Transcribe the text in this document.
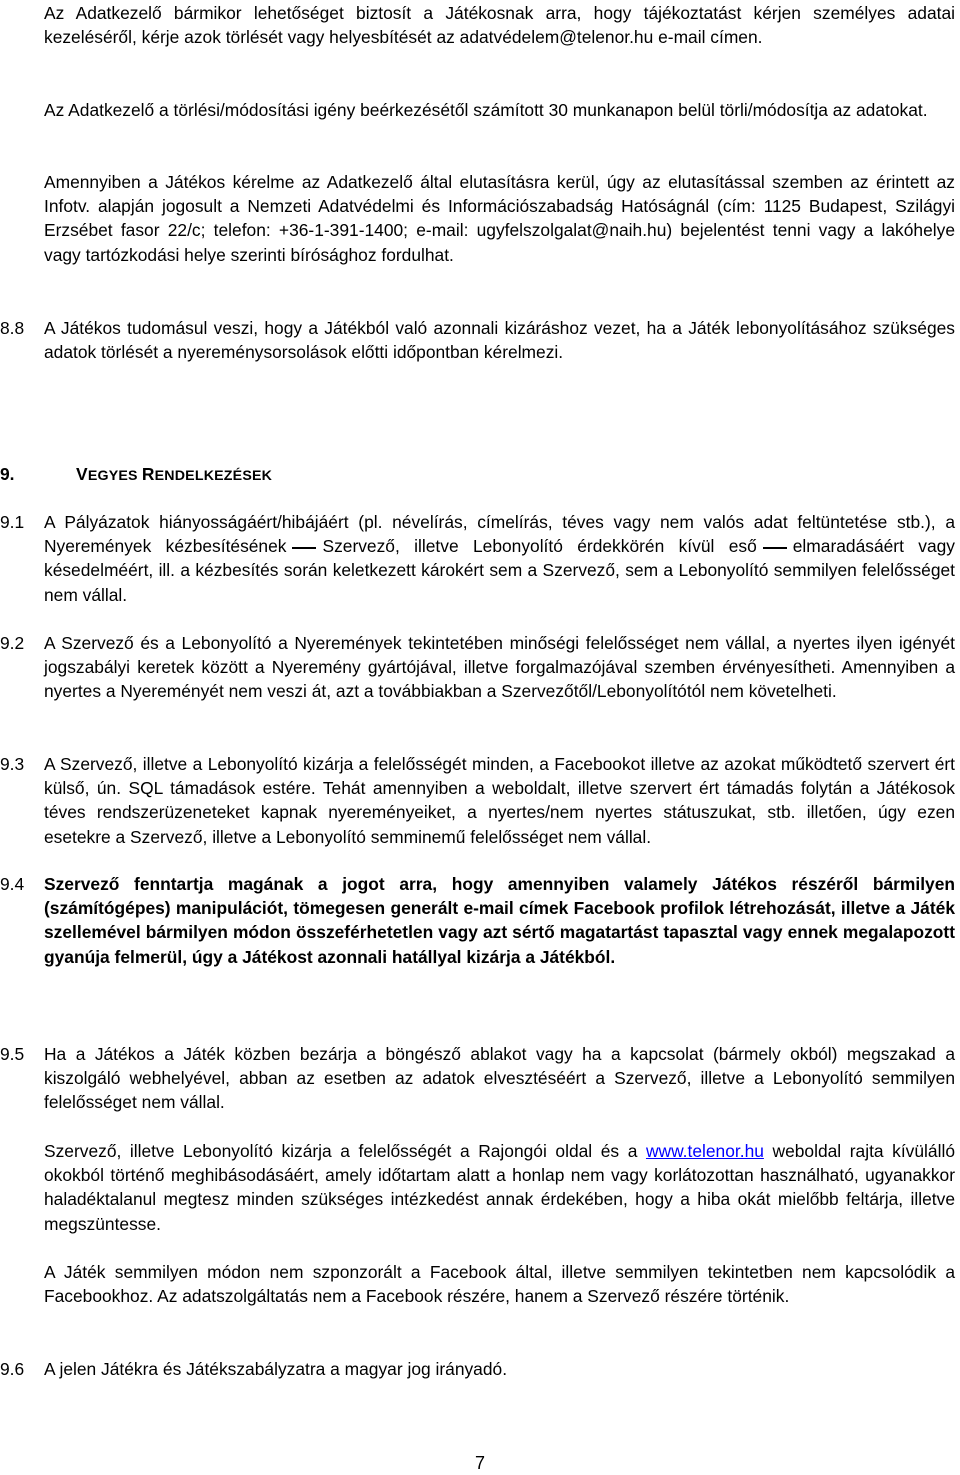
Az Adatkezelő bármikor lehetőséget biztosít a Játékosnak arra, hogy tájékoztatást kérjen személyes adatai kezeléséről, kérje azok törlését vagy helyesbítését az adatvédelem@telenor.hu e-mail címen.

Az Adatkezelő a törlési/módosítási igény beérkezésétől számított 30 munkanapon belül törli/módosítja az adatokat.

Amennyiben a Játékos kérelme az Adatkezelő által elutasításra kerül, úgy az elutasítással szemben az érintett az Infotv. alapján jogosult a Nemzeti Adatvédelmi és Információszabadság Hatóságnál (cím: 1125 Budapest, Szilágyi Erzsébet fasor 22/c; telefon: +36-1-391-1400; e-mail: ugyfelszolgalat@naih.hu) bejelentést tenni vagy a lakóhelye vagy tartózkodási helye szerinti bírósághoz fordulhat.

8.8	A Játékos tudomásul veszi, hogy a Játékból való azonnali kizáráshoz vezet, ha a Játék lebonyolításához szükséges adatok törlését a nyereménysorsolások előtti időpontban kérelmezi.

9.	VEGYES RENDELKEZÉSEK

9.1	A Pályázatok hiányosságáért/hibájáért (pl. névelírás, címelírás, téves vagy nem valós adat feltüntetése stb.), a Nyeremények kézbesítésének Szervező, illetve Lebonyolító érdekkörén kívül eső elmaradásáért vagy késedelméért, ill. a kézbesítés során keletkezett károkért sem a Szervező, sem a Lebonyolító semmilyen felelősséget nem vállal.

9.2	A Szervező és a Lebonyolító a Nyeremények tekintetében minőségi felelősséget nem vállal, a nyertes ilyen igényét jogszabályi keretek között a Nyeremény gyártójával, illetve forgalmazójával szemben érvényesítheti. Amennyiben a nyertes a Nyereményét nem veszi át, azt a továbbiakban a Szervezőtől/Lebonyolítótól nem követelheti.

9.3	A Szervező, illetve a Lebonyolító kizárja a felelősségét minden, a Facebookot illetve az azokat működtető szervert ért külső, ún. SQL támadások estére. Tehát amennyiben a weboldalt, illetve szervert ért támadás folytán a Játékosok téves rendszerüzeneteket kapnak nyereményeiket, a nyertes/nem nyertes státuszukat, stb. illetően, úgy ezen esetekre a Szervező, illetve a Lebonyolító semminemű felelősséget nem vállal.

9.4	Szervező fenntartja magának a jogot arra, hogy amennyiben valamely Játékos részéről bármilyen (számítógépes) manipulációt, tömegesen generált e-mail címek Facebook profilok létrehozását, illetve a Játék szellemével bármilyen módon összeférhetetlen vagy azt sértő magatartást tapasztal vagy ennek megalapozott gyanúja felmerül, úgy a Játékost azonnali hatállyal kizárja a Játékból.

9.5	Ha a Játékos a Játék közben bezárja a böngésző ablakot vagy ha a kapcsolat (bármely okból) megszakad a kiszolgáló webhelyével, abban az esetben az adatok elvesztéséért a Szervező, illetve a Lebonyolító semmilyen felelősséget nem vállal.

Szervező, illetve Lebonyolító kizárja a felelősségét a Rajongói oldal és a www.telenor.hu weboldal rajta kívülálló okokból történő meghibásodásáért, amely időtartam alatt a honlap nem vagy korlátozottan használható, ugyanakkor haladéktalanul megtesz minden szükséges intézkedést annak érdekében, hogy a hiba okát mielőbb feltárja, illetve megszüntesse.

A Játék semmilyen módon nem szponzorált a Facebook által, illetve semmilyen tekintetben nem kapcsolódik a Facebookhoz. Az adatszolgáltatás nem a Facebook részére, hanem a Szervező részére történik.

9.6	A jelen Játékra és Játékszabályzatra a magyar jog irányadó.

7
